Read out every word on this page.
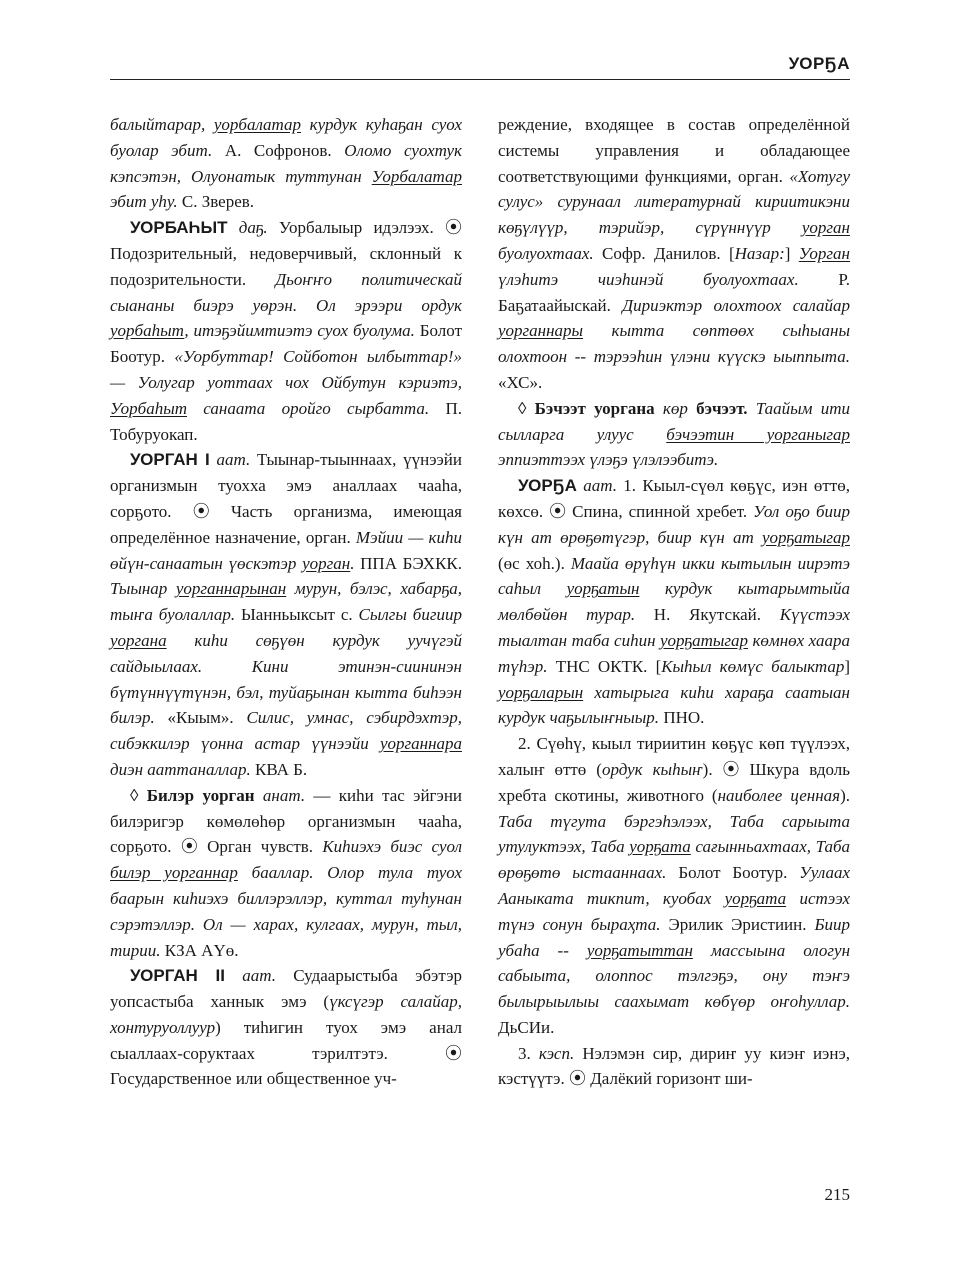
УОРҔА

балыйтарар, уорбалатар курдук куһаҕан суох буолар эбит. А. Софронов. Оломо суохтук кэпсэтэн, Олуонатык туттунан Уорбалатар эбит уһу. С. Зверев.

УОРБАҺЫТ даҕ. Уорбалыыр идэлээх. ⦿ Подозрительный, недоверчивый, склонный к подозрительности. Дьоҥҥо политическай сыананы биэрэ уөрэн. Ол эрээри ордук уорбаһыт, итэҕэйимтиэтэ суох буолума. Болот Боотур. «Уорбуттар! Сойботон ылбыттар!» — Уолугар уоттаах чох Ойбутун кэриэтэ, Уорбаһыт санаата оройго сырбатта. П. Тобуруокап.

УОРГАН I аат. Тыынар-тыыннаах, үүнээйи организмын туохха эмэ аналлаах чааһа, сорҕото. ⦿ Часть организма, имеющая определённое назначение, орган. Мэйии — киһи өйүн-санаатын үөскэтэр уорган. ППА БЭХКК. Тыынар уорганнарынан мурун, бэлэс, хабарҕа, тыҥа буолаллар. Ыанньыксыт с. Сылгы бигиир уоргана киһи сөҕүөн курдук уучүгэй сайдыылаах. Кини этинэн-сиининэн бүтүннүүтүнэн, бэл, туйаҕынан кытта биһээн билэр. «Кыым». Силис, умнас, сэбирдэхтэр, сибэккилэр үонна астар үүнээйи уорганнара диэн ааттаналлар. КВА Б.

◊ Билэр уорган анат. — киһи тас эйгэни билэригэр көмөлөһөр организмын чааһа, сорҕото. ⦿ Орган чувств. Киһиэхэ биэс суол билэр уорганнар бааллар. Олор тула туох баарын киһиэхэ биллэрэллэр, куттал туһунан сэрэтэллэр. Ол — харах, кулгаах, мурун, тыл, тирии. КЗА АҮө.

УОРГАН II аат. Судаарыстыба эбэтэр уопсастыба ханнык эмэ (үксүгэр салайар, хонтуруоллуур) тиһигин туох эмэ анал сыаллаах-соруктаах тэрилтэтэ. ⦿ Государственное или общественное уч-

реждение, входящее в состав определённой системы управления и обладающее соответствующими функциями, орган. «Хотугу сулус» сурунаал литературнай кириитикэни көҕүлүүр, тэрийэр, сүрүннүүр уорган буолуохтаах. Софр. Данилов. [Назар:] Уорган үлэһитэ чиэһинэй буолуохтаах. Р. Баҕатаайыскай. Дириэктэр олохтоох салайар уорганнары кытта сөптөөх сыһыаны олохтоон -- тэрээһин үлэни күүскэ ыыппыта. «ХС».

◊ Бэчээт уоргана көр бэчээт. Таайым ити сылларга улуус бэчээтин уорганыгар эппиэттээх үлэҕэ үлэлээбитэ.

УОРҔА аат. 1. Кыыл-сүөл көҕүс, иэн өттө, көхсө. ⦿ Спина, спинной хребет. Уол оҕо биир күн ат өрөҕөтүгэр, биир күн ат уорҕатыгар (өс хоһ.). Маайа өрүһүн икки кытылын иирэтэ саһыл уорҕатын курдук кытарымтыйа мөлбөйөн турар. Н. Якутскай. Күүстээх тыалтан таба сиһин уорҕатыгар көмнөх хаара түһэр. ТНС ОКТК. [Кыһыл көмүс балыктар] уорҕаларын хатырыга киһи хараҕа саатыан курдук чаҕылыҥныыр. ПНО.

2. Сүөһү, кыыл тириитин көҕүс көп түүлээх, халыҥ өттө (ордук кыһыҥ). ⦿ Шкура вдоль хребта скотины, животного (наиболее ценная). Таба түгута бэргэһэлээх, Таба сарыыта утулуктээх, Таба уорҕата сағынньахтаах, Таба өрөҕөтө ыстааннаах. Болот Боотур. Уулаах Ааныката тикпит, куобах уорҕата истээх түнэ сонун быраҳта. Эрилик Эристиин. Биир убаһа -- уорҕатыттан массыына ологун сабыыта, олоппос тэлгэҕэ, ону тэҥэ былырыылыы саахымат көбүөр оҥоһуллар. ДьСИи.

3. кэсп. Нэлэмэн сир, дириҥ уу киэҥ иэнэ, кэстүүтэ. ⦿ Далёкий горизонт ши-

215
